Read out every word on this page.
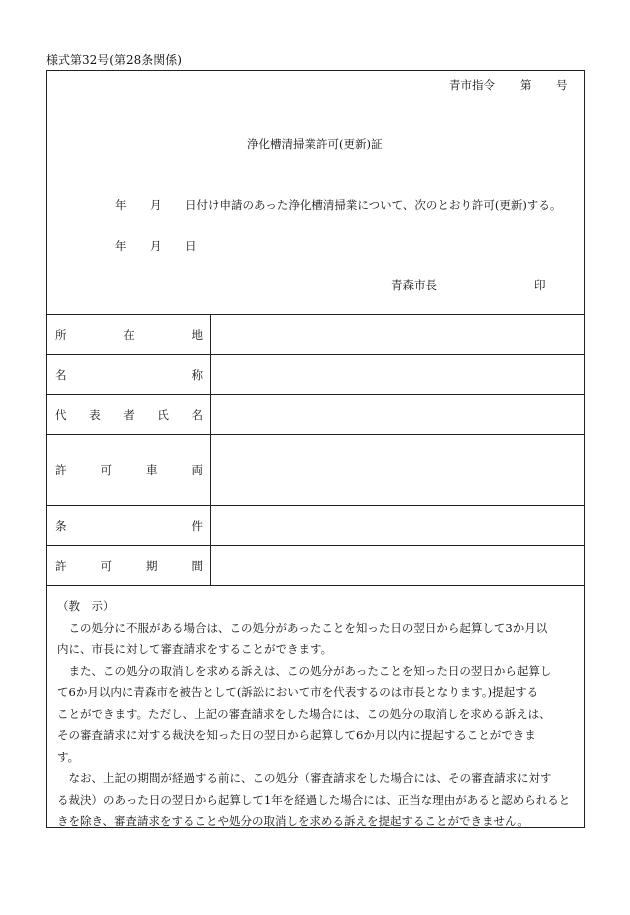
様式第32号(第28条関係)
青市指令 第 号
浄化槽清掃業許可(更新)証
年 月 日付け申請のあった浄化槽清掃業について、次のとおり許可(更新)する。
年 月 日
青森市長	印
所	在	地
名	称
代 表 者 氏 名
許	可	車	両
条	件
許	可	期	間

（教　示）

　この処分に不服がある場合は、この処分があったことを知った日の翌日から起算して3か月以

内に、市長に対して審査請求をすることができます。

　また、この処分の取消しを求める訴えは、この処分があったことを知った日の翌日から起算し

て6か月以内に青森市を被告として(訴訟において市を代表するのは市長となります。)提起する

ことができます。ただし、上記の審査請求をした場合には、この処分の取消しを求める訴えは、

その審査請求に対する裁決を知った日の翌日から起算して6か月以内に提起することができま

す。

　なお、上記の期間が経過する前に、この処分（審査請求をした場合には、その審査請求に対す

る裁決）のあった日の翌日から起算して1年を経過した場合には、正当な理由があると認められると

きを除き、審査請求をすることや処分の取消しを求める訴えを提起することができません。
